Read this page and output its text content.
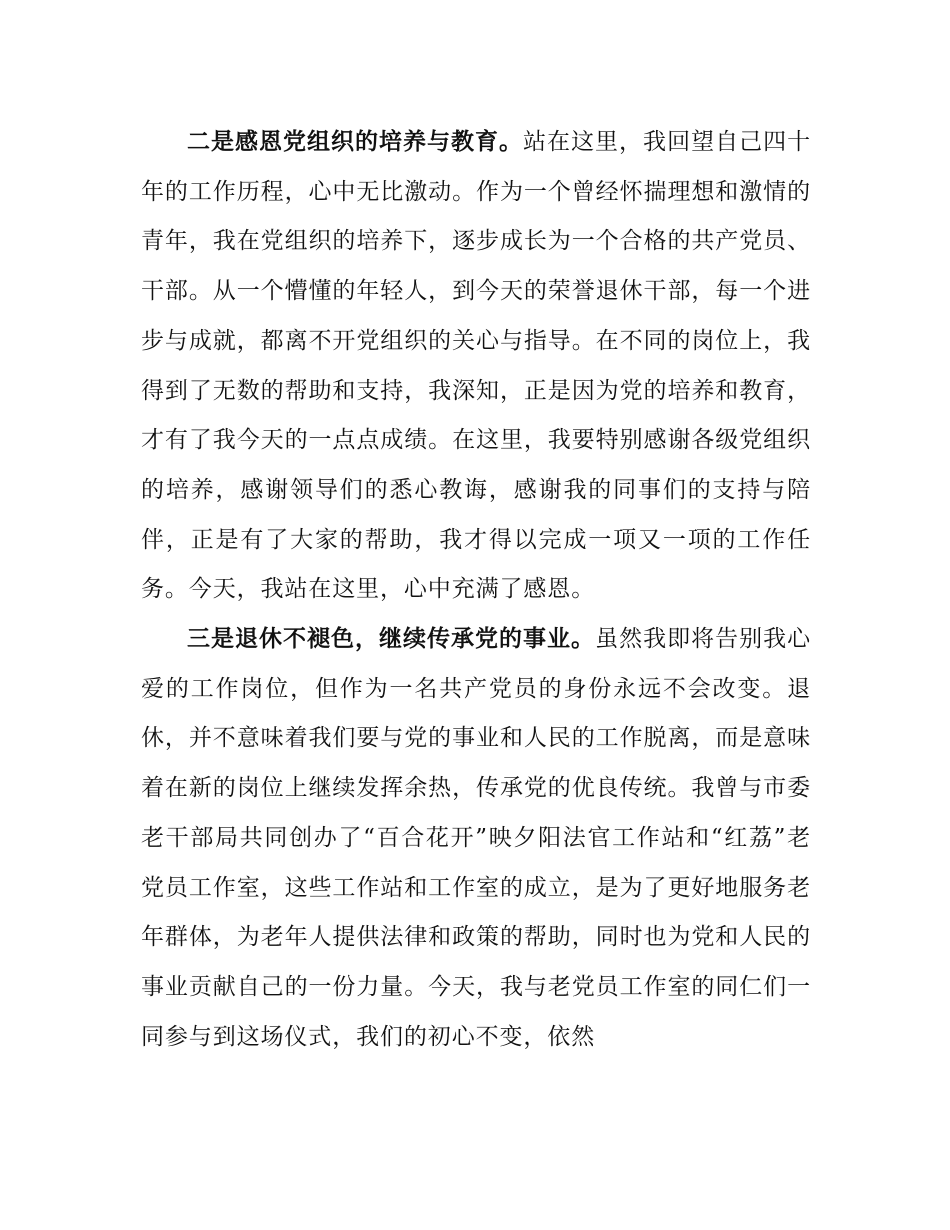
二是感恩党组织的培养与教育。站在这里，我回望自己四十年的工作历程，心中无比激动。作为一个曾经怀揣理想和激情的青年，我在党组织的培养下，逐步成长为一个合格的共产党员、干部。从一个懵懂的年轻人，到今天的荣誉退休干部，每一个进步与成就，都离不开党组织的关心与指导。在不同的岗位上，我得到了无数的帮助和支持，我深知，正是因为党的培养和教育，才有了我今天的一点点成绩。在这里，我要特别感谢各级党组织的培养，感谢领导们的悉心教诲，感谢我的同事们的支持与陪伴，正是有了大家的帮助，我才得以完成一项又一项的工作任务。今天，我站在这里，心中充满了感恩。

三是退休不褪色，继续传承党的事业。虽然我即将告别我心爱的工作岗位，但作为一名共产党员的身份永远不会改变。退休，并不意味着我们要与党的事业和人民的工作脱离，而是意味着在新的岗位上继续发挥余热，传承党的优良传统。我曾与市委老干部局共同创办了“百合花开”映夕阳法官工作站和“红荔”老党员工作室，这些工作站和工作室的成立，是为了更好地服务老年群体，为老年人提供法律和政策的帮助，同时也为党和人民的事业贡献自己的一份力量。今天，我与老党员工作室的同仁们一同参与到这场仪式，我们的初心不变，依然
